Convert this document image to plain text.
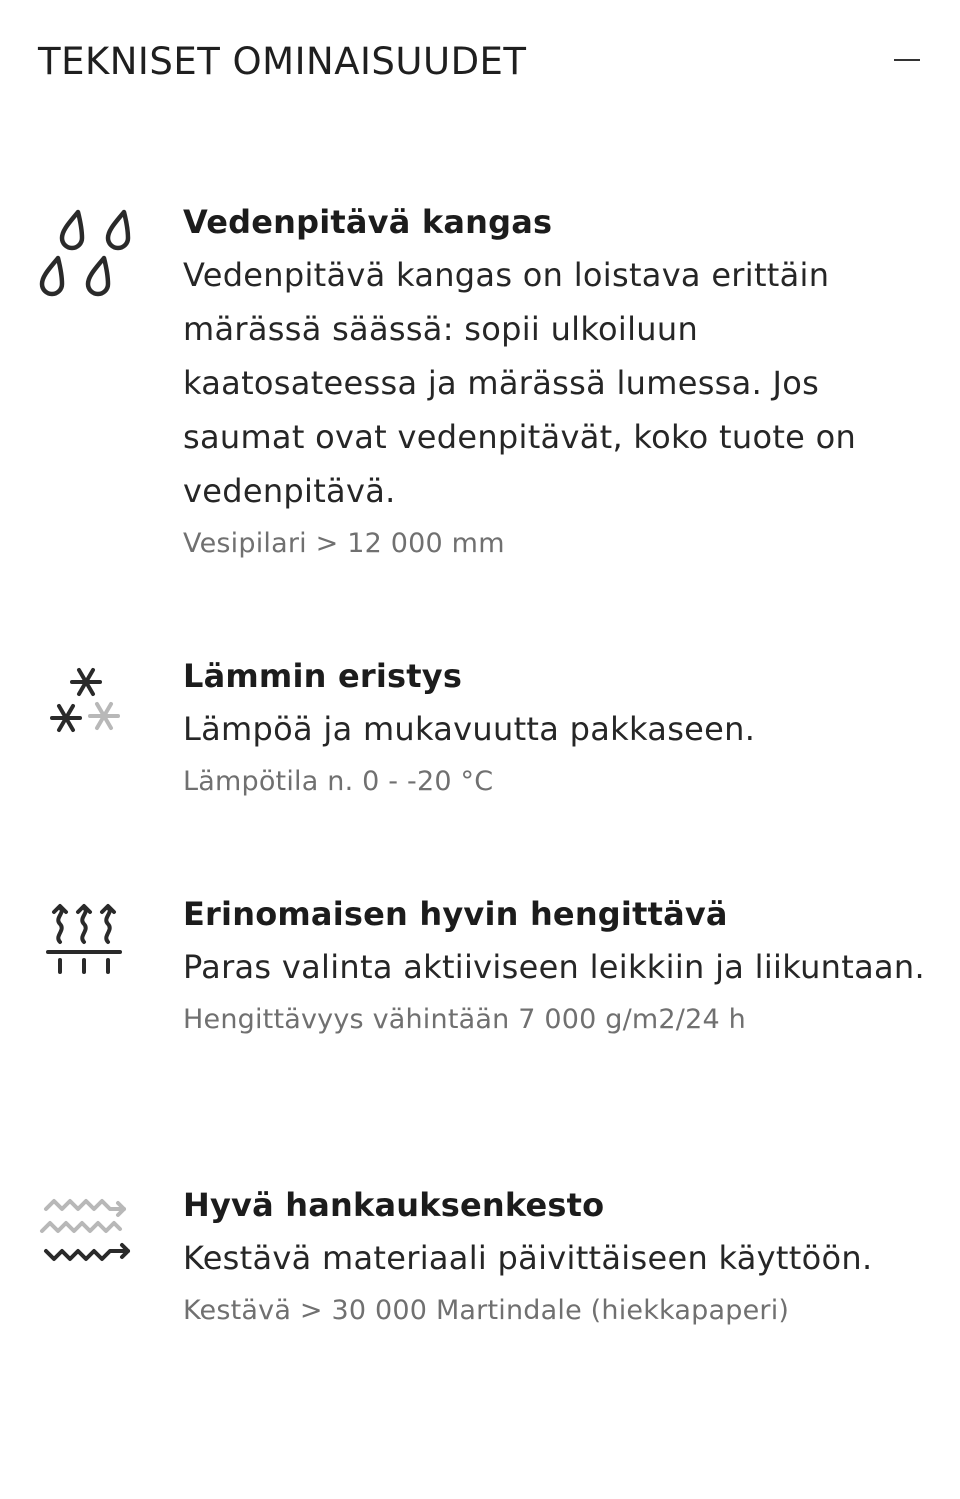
TEKNISET OMINAISUUDET
Vedenpitävä kangas
Vedenpitävä kangas on loistava erittäin märässä säässä: sopii ulkoiluun kaatosateessa ja märässä lumessa. Jos saumat ovat vedenpitävät, koko tuote on vedenpitävä.
Vesipilari > 12 000 mm
Lämmin eristys
Lämpöä ja mukavuutta pakkaseen.
Lämpötila n. 0 - -20 °C
Erinomaisen hyvin hengittävä
Paras valinta aktiiviseen leikkiin ja liikuntaan.
Hengittävyys vähintään 7 000 g/m2/24 h
Hyvä hankauksenkesto
Kestävä materiaali päivittäiseen käyttöön.
Kestävä > 30 000 Martindale (hiekkapaperi)
